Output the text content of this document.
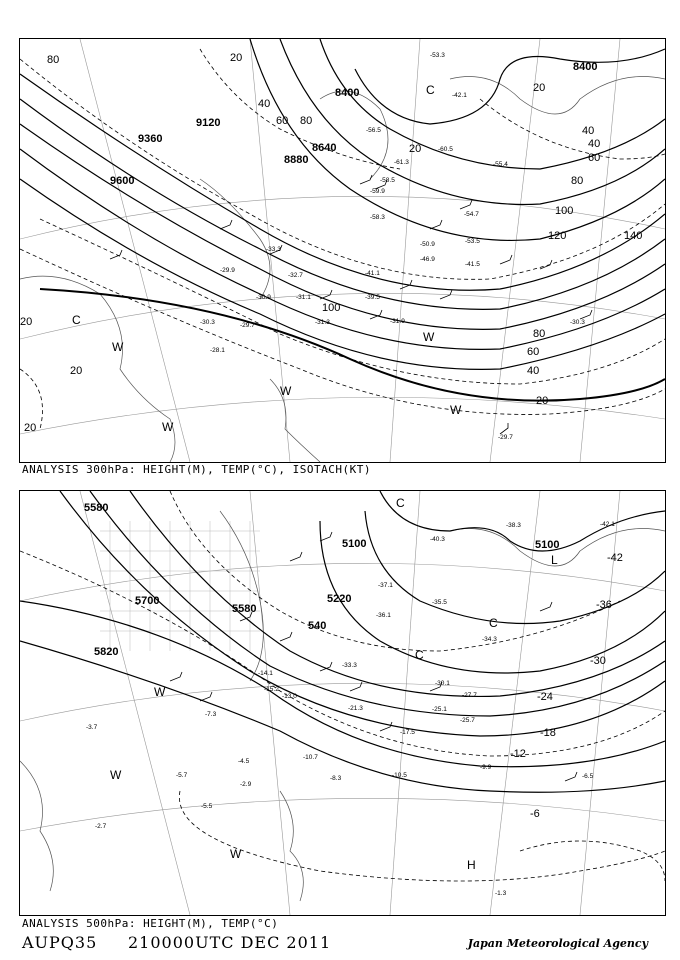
8400
8400
9120
9360
9600
8880
8640
80	20
40
60 80
20
40
20
40
60
80
100
120	140
100
80
60
40
20
20
20
20
C
C
W
W
W
W
W
-53.3
-55.4
-42.1
-60.5
-56.5
-58.5
-61.3
-59.9
-58.3	-54.7
-50.9	-53.5
-46.9
-41.5
-41.1
-39.5
-31.9	-30.3
-33.3
-32.7
-29.9
-30.9
-29.7
-31.1
-31.3
-30.3
-28.1
-29.7
ANALYSIS 300hPa: HEIGHT(M), TEMP(°C), ISOTACH(KT)
5580
5100	5100
5700
5580
5220
5820
540
-42
-36
-30
-24
-18
-12
-6
C
C
C
L
W
W
W
H
-42.1
-40.3
-38.3
-37.1
-36.1
-35.5
-34.3
-33.3
-30.1
-27.7
-25.1
-25.7
-21.3
-17.5
-15.2
-14.1
-13.0
-10.7
-10.5
-9.9
-8.3
-7.3
-6.5
-5.7
-5.5
-4.5
-3.7
-2.9
-2.7
-1.3
ANALYSIS 500hPa: HEIGHT(M), TEMP(°C)
AUPQ35 210000UTC DEC 2011	Japan Meteorological Agency
